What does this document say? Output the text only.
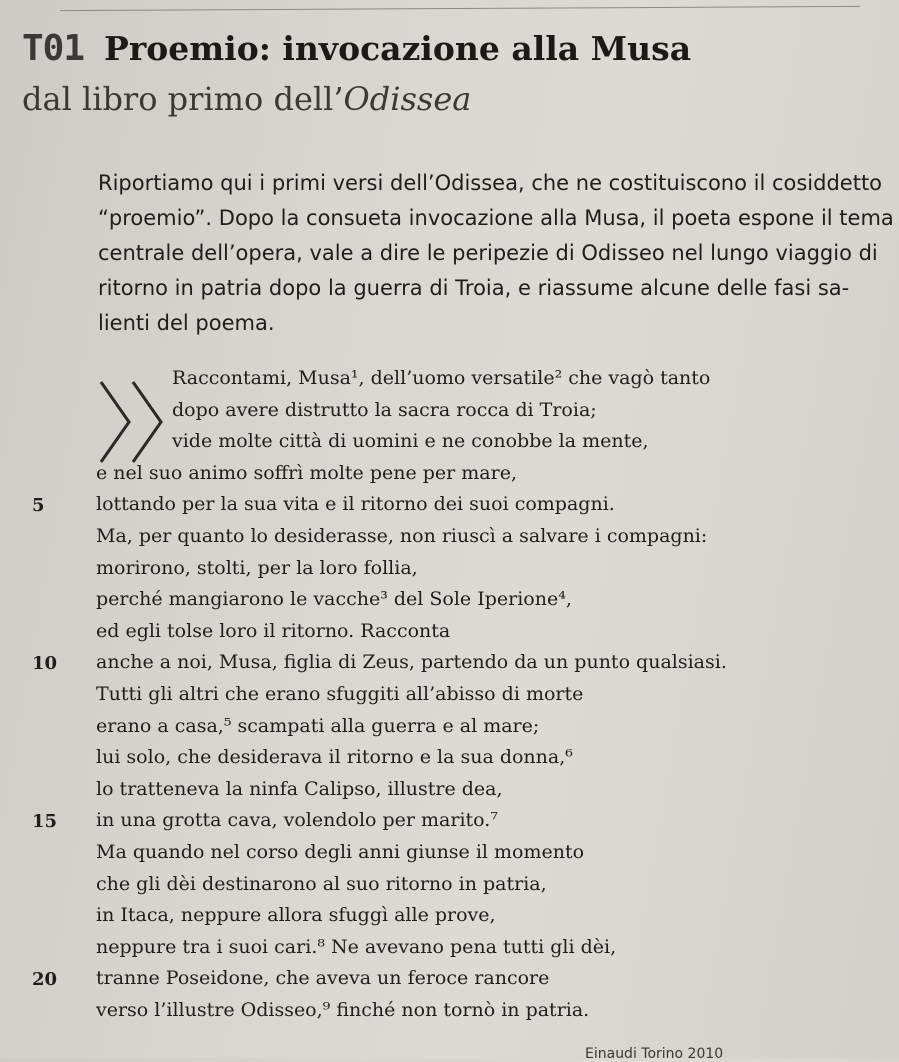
T01 Proemio: invocazione alla Musa
dal libro primo dell’Odissea

Riportiamo qui i primi versi dell’Odissea, che ne costituiscono il cosiddetto
“proemio”. Dopo la consueta invocazione alla Musa, il poeta espone il tema
centrale dell’opera, vale a dire le peripezie di Odisseo nel lungo viaggio di
ritorno in patria dopo la guerra di Troia, e riassume alcune delle fasi sa-
lienti del poema.

Raccontami, Musa¹, dell’uomo versatile² che vagò tanto
dopo avere distrutto la sacra rocca di Troia;
vide molte città di uomini e ne conobbe la mente,
e nel suo animo soffrì molte pene per mare,
5	lottando per la sua vita e il ritorno dei suoi compagni.
Ma, per quanto lo desiderasse, non riuscì a salvare i compagni:
morirono, stolti, per la loro follia,
perché mangiarono le vacche³ del Sole Iperione⁴,
ed egli tolse loro il ritorno. Racconta
10	anche a noi, Musa, figlia di Zeus, partendo da un punto qualsiasi.
Tutti gli altri che erano sfuggiti all’abisso di morte
erano a casa,⁵ scampati alla guerra e al mare;
lui solo, che desiderava il ritorno e la sua donna,⁶
lo tratteneva la ninfa Calipso, illustre dea,
15	in una grotta cava, volendolo per marito.⁷
Ma quando nel corso degli anni giunse il momento
che gli dèi destinarono al suo ritorno in patria,
in Itaca, neppure allora sfuggì alle prove,
neppure tra i suoi cari.⁸ Ne avevano pena tutti gli dèi,
20	tranne Poseidone, che aveva un feroce rancore
verso l’illustre Odisseo,⁹ finché non tornò in patria.
Einaudi Torino 2010
